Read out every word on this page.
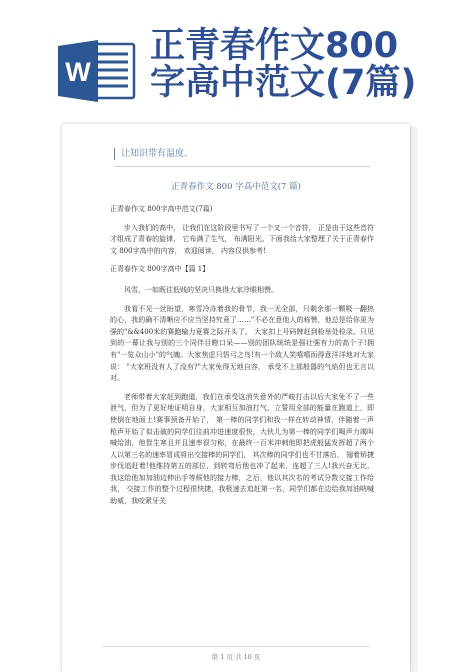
W
正青春作文800
字高中范文(7篇)
让知识带有温度。
正青春作文 800 字高中范文(7 篇)

正青春作文 800字高中范文(7篇)

步入我们的高中， 让我们在这阶段里书写了一个又一个音符， 正是由于这些音符才组成了青春的旋律， 它布满了生气， 布满阳光。下面我给大家整理了关于正青春作文 800字高中的内容， 欢迎阅读， 内容仅供参考!

正青春作文 800字高中【篇 1】

风雪，一如既往低贱的坚决只换得大家冷眼相赞。

我看不见一丝盼望，寒雪冷冻着我的骨节，我一无全部，只剩余那一颗吸一翻热的心，我的确不清晰应不应当坚持究竟了……"不必在意他人的称赞，他总是给你更为强的"&&400米的赛跑输力竟赛之际开头了。 大家扣上号码牌赶到检举处检录。只见到的一幕让我与别的三个同伴目瞪口呆——别的团队统统是强壮强有力的高个子!拥有"一览众山小"的气魄。大家焦虑只悟弓之鸟!有一个敌人笑嘻嘻而得意洋洋地对大家说： "大家班没有人了没有?"大家免得无地自容， 承受不上那般嚣的气焰但也无言以对。

老师带着大家赶到跑道，我们在承受这消失意外的严峻打击以后大家免不了一些泄气，但为了更好地证明自身，大家相互加油打气，立誓用全部的能量在跑道上，即使倒在地面上!赛事预备开始了， 第一棒的同学们和我一样在转动神情，伴随着一声枪声开始了似击破的同学们往前冲进速度很快，大伙儿为第一棒的同学们喝声力竭叫喊给油，他智生寒且并且速率很匀称，在最终一百米冲刺他即把虎般猛发挥超了两个人以第三名的速率冒成将出交接棒的同学们， 其次棒的同学们也不甘落后， 翅着矫捷步伐追赶着!他维持第五的部位，到转弯后他也冲了起来，连超了三人!我兴奋无比，我这给他加加油边伸出手等候他的接力棒，之后，他以其次名的考试分数交接工作给我， 交接工作的整个过程很快捷，我极速去追赶第一名，同学们都在边给我加油呐喊助威，我咬紧牙关

第 1 页 共 10 页
